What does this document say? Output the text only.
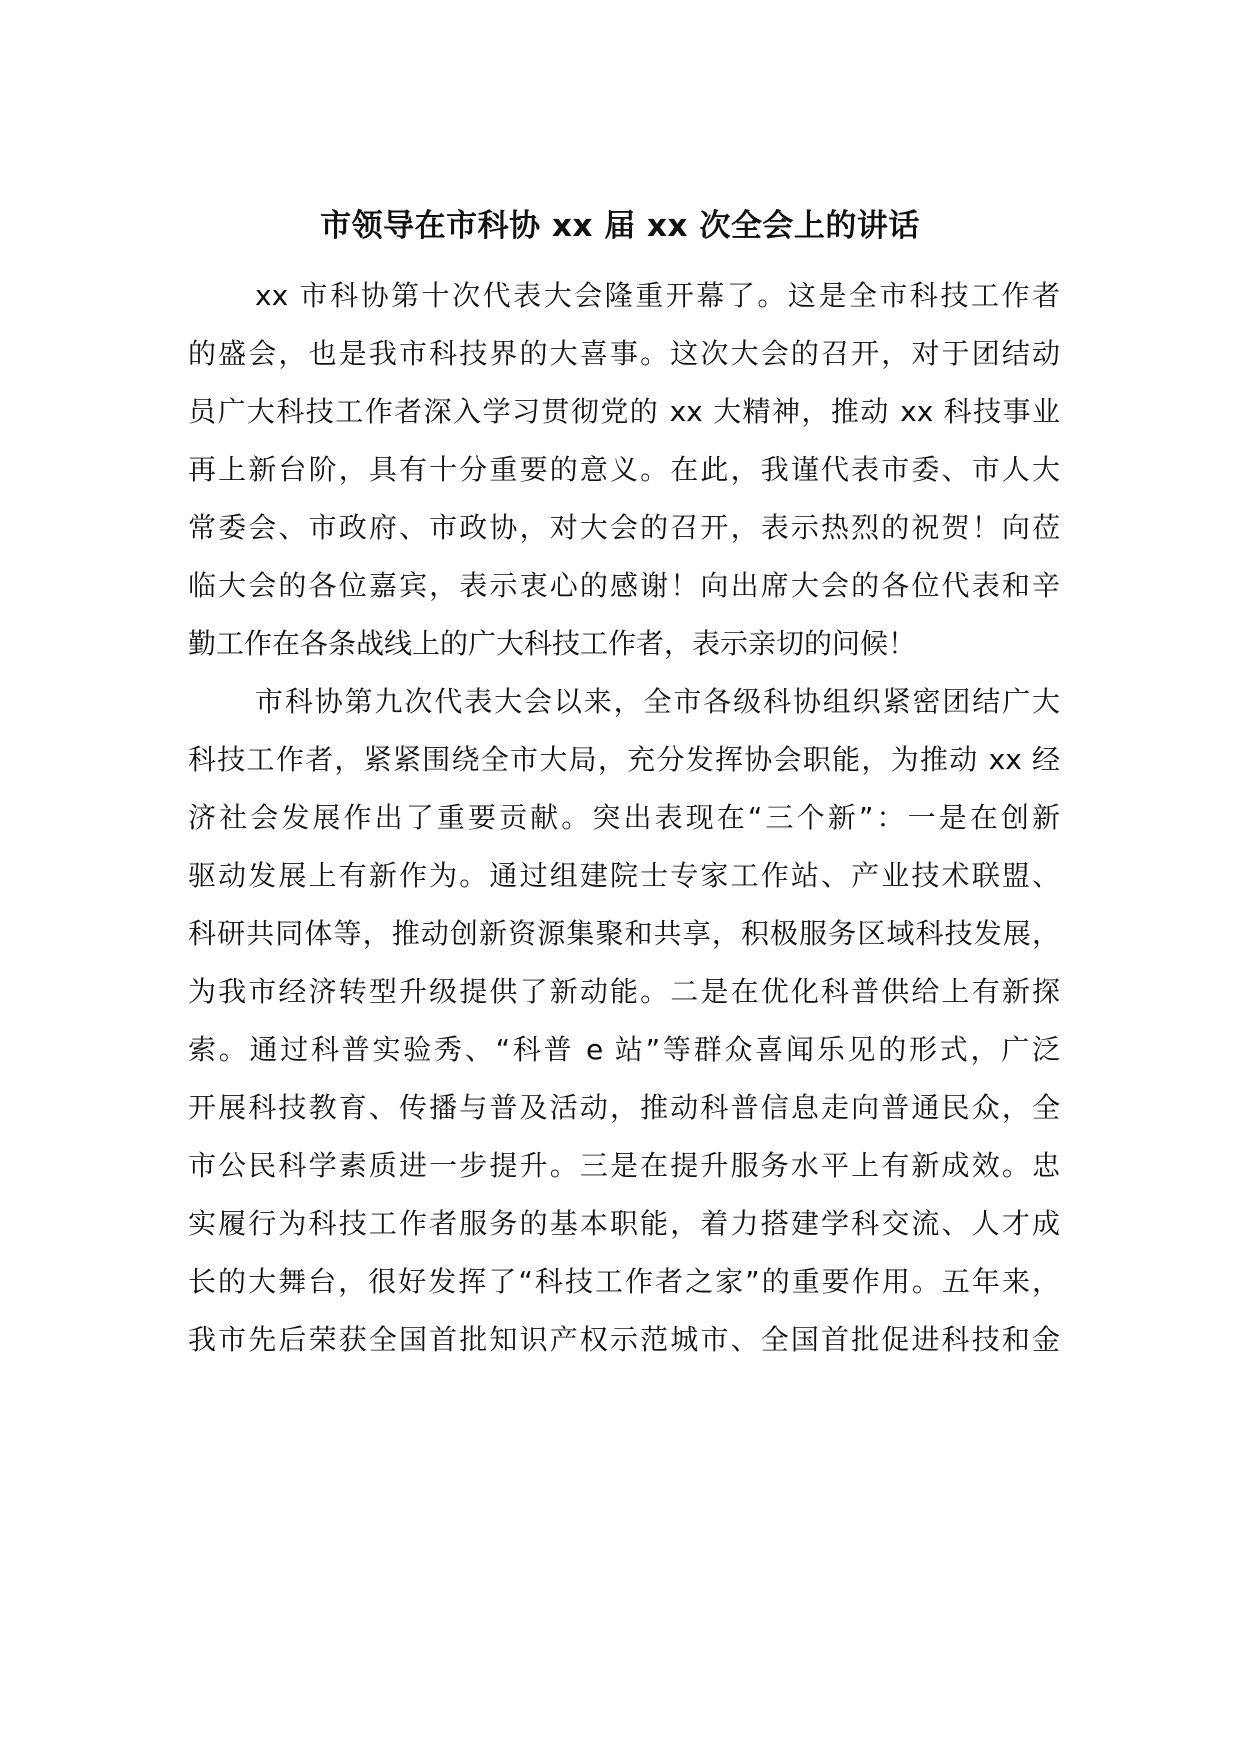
市领导在市科协 xx 届 xx 次全会上的讲话

xx 市科协第十次代表大会隆重开幕了。这是全市科技工作者

的盛会，也是我市科技界的大喜事。这次大会的召开，对于团结动

员广大科技工作者深入学习贯彻党的 xx 大精神，推动 xx 科技事业

再上新台阶，具有十分重要的意义。在此，我谨代表市委、市人大

常委会、市政府、市政协，对大会的召开，表示热烈的祝贺！向莅

临大会的各位嘉宾，表示衷心的感谢！向出席大会的各位代表和辛

勤工作在各条战线上的广大科技工作者，表示亲切的问候！

市科协第九次代表大会以来，全市各级科协组织紧密团结广大

科技工作者，紧紧围绕全市大局，充分发挥协会职能，为推动 xx 经

济社会发展作出了重要贡献。突出表现在“三个新”：一是在创新

驱动发展上有新作为。通过组建院士专家工作站、产业技术联盟、

科研共同体等，推动创新资源集聚和共享，积极服务区域科技发展，

为我市经济转型升级提供了新动能。二是在优化科普供给上有新探

索。通过科普实验秀、“科普 e 站”等群众喜闻乐见的形式，广泛

开展科技教育、传播与普及活动，推动科普信息走向普通民众，全

市公民科学素质进一步提升。三是在提升服务水平上有新成效。忠

实履行为科技工作者服务的基本职能，着力搭建学科交流、人才成

长的大舞台，很好发挥了“科技工作者之家”的重要作用。五年来，

我市先后荣获全国首批知识产权示范城市、全国首批促进科技和金
